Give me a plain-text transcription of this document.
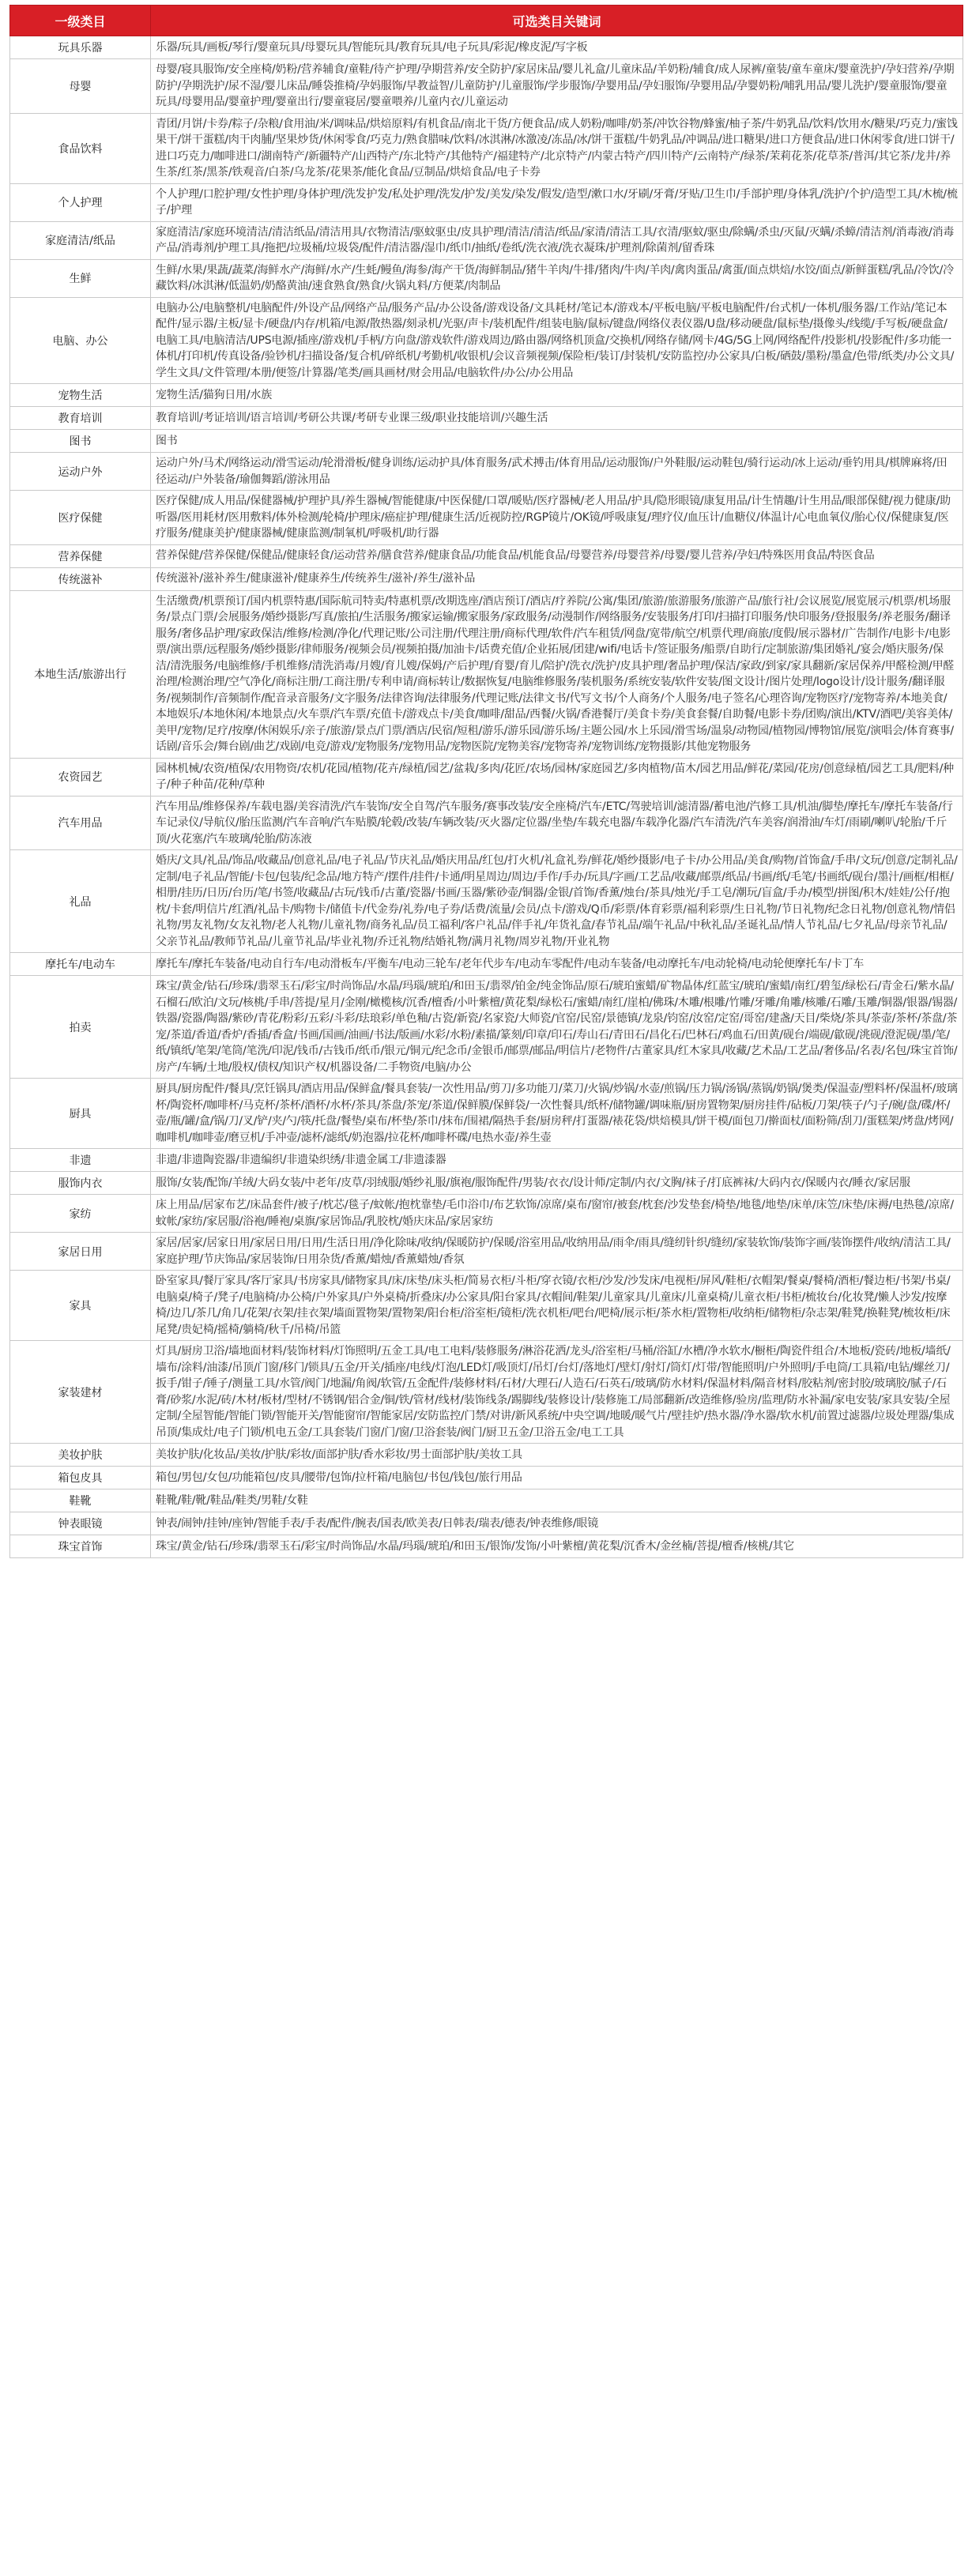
一级类目	可选类目关键词
玩具乐器	乐器/玩具/画板/琴行/婴童玩具/母婴玩具/智能玩具/教育玩具/电子玩具/彩泥/橡皮泥/写字板
母婴	母婴/寝具服饰/安全座椅/奶粉/营养辅食/童鞋/待产护理/孕期营养/安全防护/家居床品/婴儿礼盒/儿童床品/羊奶粉/辅食/成人尿裤/童装/童车童床/婴童洗护/孕妇营养/孕期防护/孕期洗护/尿不湿/婴儿床品/睡袋推椅/孕妈服饰/早教益智/儿童防护/儿童服饰/学步服饰/孕婴用品/孕妇服饰/孕婴用品/孕婴奶粉/哺乳用品/婴儿洗护/婴童服饰/婴童玩具/母婴用品/婴童护理/婴童出行/婴童寝居/婴童喂养/儿童内衣/儿童运动
食品饮料	青团/月饼/卡券/粽子/杂粮/食用油/米/调味品/烘焙原料/有机食品/南北干货/方便食品/成人奶粉/咖啡/奶茶/冲饮谷物/蜂蜜/柚子茶/牛奶乳品/饮料/饮用水/糖果/巧克力/蜜饯果干/饼干蛋糕/肉干肉脯/坚果炒货/休闲零食/巧克力/熟食腊味/饮料/冰淇淋/冰激凌/冻品/冰/饼干蛋糕/牛奶乳品/冲调品/进口糖果/进口方便食品/进口休闲零食/进口饼干/进口巧克力/咖啡进口/湖南特产/新疆特产/山西特产/东北特产/其他特产/福建特产/北京特产/内蒙古特产/四川特产/云南特产/绿茶/茉莉花茶/花草茶/普洱/其它茶/龙井/养生茶/红茶/黑茶/铁观音/白茶/乌龙茶/花果茶/能化食品/豆制品/烘焙食品/电子卡券
个人护理	个人护理/口腔护理/女性护理/身体护理/洗发护发/私处护理/洗发/护发/美发/染发/假发/造型/漱口水/牙刷/牙膏/牙贴/卫生巾/手部护理/身体乳/洗护/个护/造型工具/木梳/梳子/护理
家庭清洁/纸品	家庭清洁/家庭环境清洁/清洁纸品/清洁用具/衣物清洁/驱蚊驱虫/皮具护理/清洁/清洁/纸品/家清/清洁工具/衣清/驱蚊/驱虫/除螨/杀虫/灭鼠/灭螨/杀蟑/清洁剂/消毒液/消毒产品/消毒剂/护理工具/拖把/垃圾桶/垃圾袋/配件/清洁器/湿巾/纸巾/抽纸/卷纸/洗衣液/洗衣凝珠/护理剂/除菌剂/留香珠
生鲜	生鲜/水果/果蔬/蔬菜/海鲜水产/海鲜/水产/生蚝/鳗鱼/海参/海产干货/海鲜制品/猪牛羊肉/牛排/猪肉/牛肉/羊肉/禽肉蛋品/禽蛋/面点烘焙/水饺/面点/新鲜蛋糕/乳品/冷饮/冷藏饮料/冰淇淋/低温奶/奶酪黄油/速食熟食/熟食/火锅丸料/方便菜/肉制品
电脑、办公	电脑办公/电脑整机/电脑配件/外设产品/网络产品/服务产品/办公设备/游戏设备/文具耗材/笔记本/游戏本/平板电脑/平板电脑配件/台式机/一体机/服务器/工作站/笔记本配件/显示器/主板/显卡/硬盘/内存/机箱/电源/散热器/刻录机/光驱/声卡/装机配件/组装电脑/鼠标/键盘/网络仪表仪器/U盘/移动硬盘/鼠标垫/摄像头/线缆/手写板/硬盘盒/电脑工具/电脑清洁/UPS电源/插座/游戏机/手柄/方向盘/游戏软件/游戏周边/路由器/网络机顶盒/交换机/网络存储/网卡/4G/5G上网/网络配件/投影机/投影配件/多功能一体机/打印机/传真设备/验钞机/扫描设备/复合机/碎纸机/考勤机/收银机/会议音频视频/保险柜/装订/封装机/安防监控/办公家具/白板/硒鼓/墨粉/墨盒/色带/纸类/办公文具/学生文具/文件管理/本册/便签/计算器/笔类/画具画材/财会用品/电脑软件/办公/办公用品
宠物生活	宠物生活/猫狗日用/水族
教育培训	教育培训/考证培训/语言培训/考研公共课/考研专业课三级/职业技能培训/兴趣生活
图书	图书
运动户外	运动户外/马术/网络运动/滑雪运动/轮滑滑板/健身训练/运动护具/体育服务/武术搏击/体育用品/运动服饰/户外鞋服/运动鞋包/骑行运动/冰上运动/垂钓用具/棋牌麻将/田径运动/户外装备/瑜伽舞蹈/游泳用品
医疗保健	医疗保健/成人用品/保健器械/护理护具/养生器械/智能健康/中医保健/口罩/暖贴/医疗器械/老人用品/护具/隐形眼镜/康复用品/计生情趣/计生用品/眼部保健/视力健康/助听器/医用耗材/医用敷料/体外检测/轮椅/护理床/癌症护理/健康生活/近视防控/RGP镜片/OK镜/呼吸康复/理疗仪/血压计/血糖仪/体温计/心电血氧仪/胎心仪/保健康复/医疗服务/健康美护/健康器械/健康监测/制氧机/呼吸机/助行器
营养保健	营养保健/营养保健/保健品/健康轻食/运动营养/膳食营养/健康食品/功能食品/机能食品/母婴营养/母婴营养/母婴/婴儿营养/孕妇/特殊医用食品/特医食品
传统滋补	传统滋补/滋补养生/健康滋补/健康养生/传统养生/滋补/养生/滋补品
本地生活/旅游出行	生活缴费/机票预订/国内机票特惠/国际航司特卖/特惠机票/改期选座/酒店预订/酒店/疗养院/公寓/集团/旅游/旅游服务/旅游产品/旅行社/会议展览/展览展示/机票/机场服务/景点门票/会展服务/婚纱摄影/写真/旅拍/生活服务/搬家运输/搬家服务/家政服务/动漫制作/网络服务/安装服务/打印/扫描打印服务/快印服务/登报服务/养老服务/翻译服务/奢侈品护理/家政保洁/维修/检测/净化/代理记账/公司注册/代理注册/商标代理/软件/汽车租赁/网盘/宽带/航空/机票代理/商旅/度假/展示器材/广告制作/电影卡/电影票/演出票/远程服务/婚纱摄影/律师服务/视频会员/视频拍摄/加油卡/话费充值/企业拓展/团建/wifi/电话卡/签证服务/船票/自助行/定制旅游/集团婚礼/宴会/婚庆服务/保洁/清洗服务/电脑维修/手机维修/清洗消毒/月嫂/育儿嫂/保姆/产后护理/育婴/育儿/陪护/洗衣/洗护/皮具护理/奢品护理/保洁/家政/到家/家具翻新/家居保养/甲醛检测/甲醛治理/检测治理/空气净化/商标注册/工商注册/专利申请/商标转让/数据恢复/电脑维修服务/装机服务/系统安装/软件安装/图文设计/图片处理/logo设计/设计服务/翻译服务/视频制作/音频制作/配音录音服务/文字服务/法律咨询/法律服务/代理记账/法律文书/代写文书/个人商务/个人服务/电子签名/心理咨询/宠物医疗/宠物寄养/本地美食/本地娱乐/本地休闲/本地景点/火车票/汽车票/充值卡/游戏点卡/美食/咖啡/甜品/西餐/火锅/香港餐厅/美食卡券/美食套餐/自助餐/电影卡券/团购/演出/KTV/酒吧/美容美体/美甲/宠物/足疗/按摩/休闲娱乐/亲子/旅游/景点/门票/酒店/民宿/短租/游乐/游乐园/游乐场/主题公园/水上乐园/滑雪场/温泉/动物园/植物园/博物馆/展览/演唱会/体育赛事/话剧/音乐会/舞台剧/曲艺/戏剧/电竞/游戏/宠物服务/宠物用品/宠物医院/宠物美容/宠物寄养/宠物训练/宠物摄影/其他宠物服务
农资园艺	园林机械/农资/植保/农用物资/农机/花园/植物/花卉/绿植/园艺/盆栽/多肉/花匠/农场/园林/家庭园艺/多肉植物/苗木/园艺用品/鲜花/菜园/花房/创意绿植/园艺工具/肥料/种子/种子种苗/花种/草种
汽车用品	汽车用品/维修保养/车载电器/美容清洗/汽车装饰/安全自驾/汽车服务/赛事改装/安全座椅/汽车/ETC/驾驶培训/滤清器/蓄电池/汽修工具/机油/脚垫/摩托车/摩托车装备/行车记录仪/导航仪/胎压监测/汽车音响/汽车贴膜/轮毂/改装/车辆改装/灭火器/定位器/坐垫/车载充电器/车载净化器/汽车清洗/汽车美容/润滑油/车灯/雨刷/喇叭/轮胎/千斤顶/火花塞/汽车玻璃/轮胎/防冻液
礼品	婚庆/文具/礼品/饰品/收藏品/创意礼品/电子礼品/节庆礼品/婚庆用品/红包/打火机/礼盒礼券/鲜花/婚纱摄影/电子卡/办公用品/美食/购物/首饰盒/手串/文玩/创意/定制礼品/定制/电子礼品/智能/卡包/包装/纪念品/地方特产/摆件/挂件/卡通/明星周边/周边/手作/手办/玩具/字画/工艺品/收藏/邮票/纸品/书画/纸/毛笔/书画纸/砚台/墨汁/画框/相框/相册/挂历/日历/台历/笔/书签/收藏品/古玩/钱币/古董/瓷器/书画/玉器/紫砂壶/铜器/金银/首饰/香薰/烛台/茶具/烛光/手工皂/潮玩/盲盒/手办/模型/拼图/积木/娃娃/公仔/抱枕/卡套/明信片/红酒/礼品卡/购物卡/储值卡/代金券/礼券/电子券/话费/流量/会员/点卡/游戏/Q币/彩票/体育彩票/福利彩票/生日礼物/节日礼物/纪念日礼物/创意礼物/情侣礼物/男友礼物/女友礼物/老人礼物/儿童礼物/商务礼品/员工福利/客户礼品/伴手礼/年货礼盒/春节礼品/端午礼品/中秋礼品/圣诞礼品/情人节礼品/七夕礼品/母亲节礼品/父亲节礼品/教师节礼品/儿童节礼品/毕业礼物/乔迁礼物/结婚礼物/满月礼物/周岁礼物/开业礼物
摩托车/电动车	摩托车/摩托车装备/电动自行车/电动滑板车/平衡车/电动三轮车/老年代步车/电动车零配件/电动车装备/电动摩托车/电动轮椅/电动轮便摩托车/卡丁车
拍卖	珠宝/黄金/钻石/珍珠/翡翠玉石/彩宝/时尚饰品/水晶/玛瑙/琥珀/和田玉/翡翠/铂金/纯金饰品/原石/琥珀蜜蜡/矿物晶体/红蓝宝/琥珀/蜜蜡/南红/碧玺/绿松石/青金石/紫水晶/石榴石/欧泊/文玩/核桃/手串/菩提/星月/金刚/橄榄核/沉香/檀香/小叶紫檀/黄花梨/绿松石/蜜蜡/南红/崖柏/佛珠/木雕/根雕/竹雕/牙雕/角雕/核雕/石雕/玉雕/铜器/银器/锡器/铁器/瓷器/陶器/紫砂/青花/粉彩/五彩/斗彩/珐琅彩/单色釉/古瓷/新瓷/名家瓷/大师瓷/官窑/民窑/景德镇/龙泉/钧窑/汝窑/定窑/哥窑/建盏/天目/柴烧/茶具/茶壶/茶杯/茶盘/茶宠/茶道/香道/香炉/香插/香盒/书画/国画/油画/书法/版画/水彩/水粉/素描/篆刻/印章/印石/寿山石/青田石/昌化石/巴林石/鸡血石/田黄/砚台/端砚/歙砚/洮砚/澄泥砚/墨/笔/纸/镇纸/笔架/笔筒/笔洗/印泥/钱币/古钱币/纸币/银元/铜元/纪念币/金银币/邮票/邮品/明信片/老物件/古董家具/红木家具/收藏/艺术品/工艺品/奢侈品/名表/名包/珠宝首饰/房产/车辆/土地/股权/债权/知识产权/机器设备/二手物资/电脑/办公
厨具	厨具/厨房配件/餐具/烹饪锅具/酒店用品/保鲜盒/餐具套装/一次性用品/剪刀/多功能刀/菜刀/火锅/炒锅/水壶/煎锅/压力锅/汤锅/蒸锅/奶锅/煲类/保温壶/塑料杯/保温杯/玻璃杯/陶瓷杯/咖啡杯/马克杯/茶杯/酒杯/水杯/茶具/茶盘/茶宠/茶道/保鲜膜/保鲜袋/一次性餐具/纸杯/储物罐/调味瓶/厨房置物架/厨房挂件/砧板/刀架/筷子/勺子/碗/盘/碟/杯/壶/瓶/罐/盒/锅/刀/叉/铲/夹/勺/筷/托盘/餐垫/桌布/杯垫/茶巾/抹布/围裙/隔热手套/厨房秤/打蛋器/裱花袋/烘焙模具/饼干模/面包刀/擀面杖/面粉筛/刮刀/蛋糕架/烤盘/烤网/咖啡机/咖啡壶/磨豆机/手冲壶/滤杯/滤纸/奶泡器/拉花杯/咖啡杯碟/电热水壶/养生壶
非遗	非遗/非遗陶瓷器/非遗编织/非遗染织绣/非遗金属工/非遗漆器
服饰内衣	服饰/女装/配饰/羊绒/大码女装/中老年/皮草/羽绒服/婚纱礼服/旗袍/服饰配件/男装/衣衣/设计师/定制/内衣/文胸/袜子/打底裤袜/大码内衣/保暖内衣/睡衣/家居服
家纺	床上用品/居家布艺/床品套件/被子/枕芯/毯子/蚊帐/抱枕靠垫/毛巾浴巾/布艺软饰/凉席/桌布/窗帘/被套/枕套/沙发垫套/椅垫/地毯/地垫/床单/床笠/床垫/床褥/电热毯/凉席/蚊帐/家纺/家居服/浴袍/睡袍/桌旗/家居饰品/乳胶枕/婚庆床品/家居家纺
家居日用	家居/居家/居家日用/家居日用/日用/生活日用/净化除味/收纳/保暖防护/保暖/浴室用品/收纳用品/雨伞/雨具/缝纫针织/缝纫/家装软饰/装饰字画/装饰摆件/收纳/清洁工具/家庭护理/节庆饰品/家居装饰/日用杂货/香薰/蜡烛/香薰蜡烛/香氛
家具	卧室家具/餐厅家具/客厅家具/书房家具/储物家具/床/床垫/床头柜/简易衣柜/斗柜/穿衣镜/衣柜/沙发/沙发床/电视柜/屏风/鞋柜/衣帽架/餐桌/餐椅/酒柜/餐边柜/书架/书桌/电脑桌/椅子/凳子/电脑椅/办公椅/户外家具/户外桌椅/折叠床/办公家具/阳台家具/衣帽间/鞋架/儿童家具/儿童床/儿童桌椅/儿童衣柜/书柜/梳妆台/化妆凳/懒人沙发/按摩椅/边几/茶几/角几/花架/衣架/挂衣架/墙面置物架/置物架/阳台柜/浴室柜/镜柜/洗衣机柜/吧台/吧椅/展示柜/茶水柜/置物柜/收纳柜/储物柜/杂志架/鞋凳/换鞋凳/梳妆柜/床尾凳/贵妃椅/摇椅/躺椅/秋千/吊椅/吊篮
家装建材	灯具/厨房卫浴/墙地面材料/装饰材料/灯饰照明/五金工具/电工电料/装修服务/淋浴花洒/龙头/浴室柜/马桶/浴缸/水槽/净水软水/橱柜/陶瓷件组合/木地板/瓷砖/地板/墙纸/墙布/涂料/油漆/吊顶/门窗/移门/锁具/五金/开关/插座/电线/灯泡/LED灯/吸顶灯/吊灯/台灯/落地灯/壁灯/射灯/筒灯/灯带/智能照明/户外照明/手电筒/工具箱/电钻/螺丝刀/扳手/钳子/锤子/测量工具/水管/阀门/地漏/角阀/软管/五金配件/装修材料/石材/大理石/人造石/石英石/玻璃/防水材料/保温材料/隔音材料/胶粘剂/密封胶/玻璃胶/腻子/石膏/砂浆/水泥/砖/木材/板材/型材/不锈钢/铝合金/铜/铁/管材/线材/装饰线条/踢脚线/装修设计/装修施工/局部翻新/改造维修/验房/监理/防水补漏/家电安装/家具安装/全屋定制/全屋智能/智能门锁/智能开关/智能窗帘/智能家居/安防监控/门禁/对讲/新风系统/中央空调/地暖/暖气片/壁挂炉/热水器/净水器/软水机/前置过滤器/垃圾处理器/集成吊顶/集成灶/电子门锁/机电五金/工具套装/门窗/门/窗/卫浴套装/阀门/厨卫五金/卫浴五金/电工工具
美妆护肤	美妆护肤/化妆品/美妆/护肤/彩妆/面部护肤/香水彩妆/男士面部护肤/美妆工具
箱包皮具	箱包/男包/女包/功能箱包/皮具/腰带/包饰/拉杆箱/电脑包/书包/钱包/旅行用品
鞋靴	鞋靴/鞋/靴/鞋品/鞋类/男鞋/女鞋
钟表眼镜	钟表/闹钟/挂钟/座钟/智能手表/手表/配件/腕表/国表/欧美表/日韩表/瑞表/德表/钟表维修/眼镜
珠宝首饰	珠宝/黄金/钻石/珍珠/翡翠玉石/彩宝/时尚饰品/水晶/玛瑙/琥珀/和田玉/银饰/发饰/小叶紫檀/黄花梨/沉香木/金丝楠/菩提/檀香/核桃/其它
